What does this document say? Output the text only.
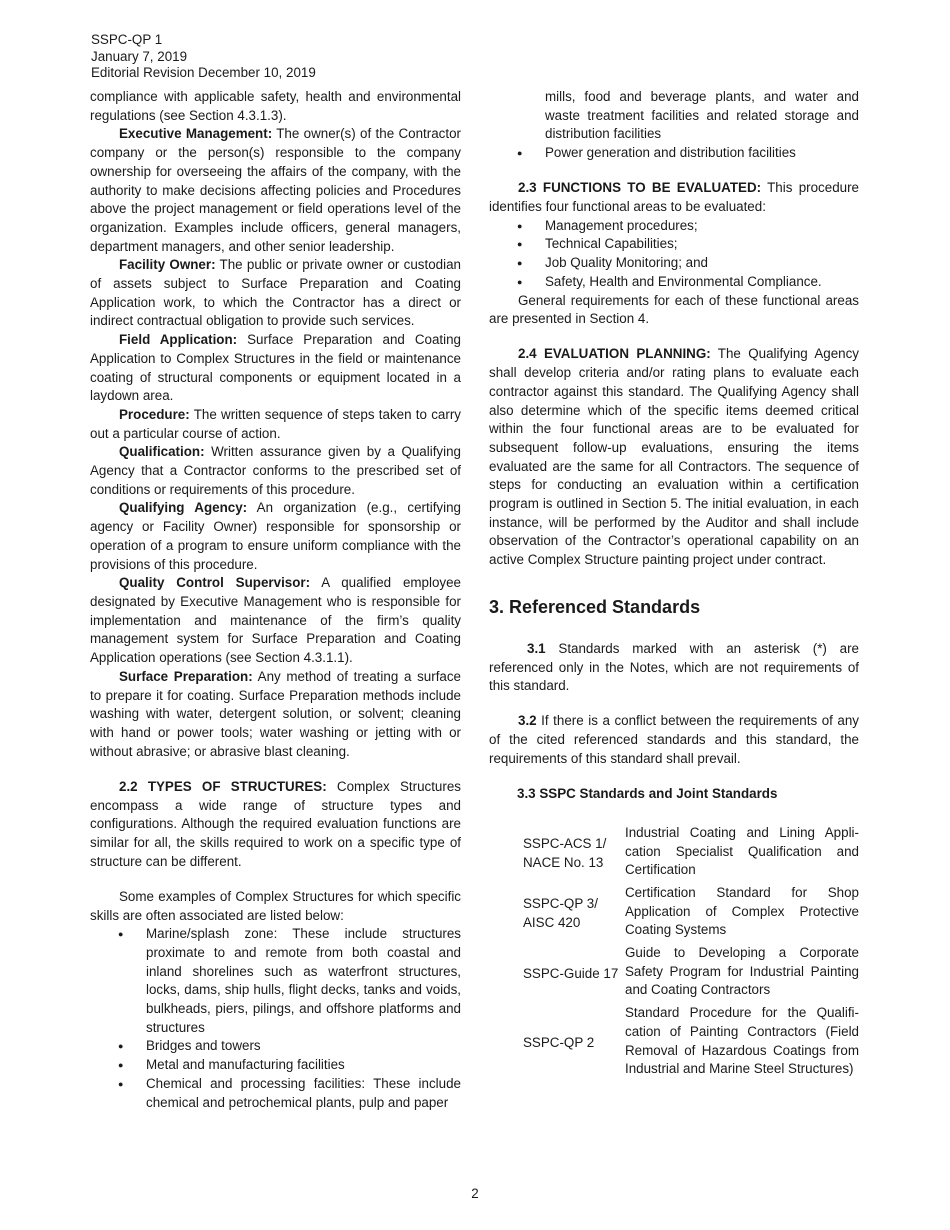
SSPC-QP 1
January 7, 2019
Editorial Revision December 10, 2019

compliance with applicable safety, health and environmental regulations (see Section 4.3.1.3).

Executive Management: The owner(s) of the Contractor company or the person(s) responsible to the company ownership for overseeing the affairs of the company, with the authority to make decisions affecting policies and Procedures above the project management or field operations level of the organization. Examples include officers, general managers, department managers, and other senior leadership.

Facility Owner: The public or private owner or custodian of assets subject to Surface Preparation and Coating Application work, to which the Contractor has a direct or indirect contractual obligation to provide such services.

Field Application: Surface Preparation and Coating Application to Complex Structures in the field or maintenance coating of structural components or equipment located in a laydown area.

Procedure: The written sequence of steps taken to carry out a particular course of action.

Qualification: Written assurance given by a Qualifying Agency that a Contractor conforms to the prescribed set of conditions or requirements of this procedure.

Qualifying Agency: An organization (e.g., certifying agency or Facility Owner) responsible for sponsorship or operation of a program to ensure uniform compliance with the provisions of this procedure.

Quality Control Supervisor: A qualified employee designated by Executive Management who is responsible for implementation and maintenance of the firm’s quality management system for Surface Preparation and Coating Application operations (see Section 4.3.1.1).

Surface Preparation: Any method of treating a surface to prepare it for coating. Surface Preparation methods include washing with water, detergent solution, or solvent; cleaning with hand or power tools; water washing or jetting with or without abrasive; or abrasive blast cleaning.

2.2 TYPES OF STRUCTURES: Complex Structures encompass a wide range of structure types and configurations. Although the required evaluation functions are similar for all, the skills required to work on a specific type of structure can be different.

Some examples of Complex Structures for which specific skills are often associated are listed below:

● Marine/splash zone: These include structures proximate to and remote from both coastal and inland shorelines such as waterfront structures, locks, dams, ship hulls, flight decks, tanks and voids, bulkheads, piers, pilings, and offshore platforms and structures
● Bridges and towers
● Metal and manufacturing facilities
● Chemical and processing facilities: These include chemical and petrochemical plants, pulp and paper
mills, food and beverage plants, and water and waste treatment facilities and related storage and distribution facilities
● Power generation and distribution facilities

2.3 FUNCTIONS TO BE EVALUATED: This procedure identifies four functional areas to be evaluated:

● Management procedures;
● Technical Capabilities;
● Job Quality Monitoring; and
● Safety, Health and Environmental Compliance.

General requirements for each of these functional areas are presented in Section 4.

2.4 EVALUATION PLANNING: The Qualifying Agency shall develop criteria and/or rating plans to evaluate each contractor against this standard. The Qualifying Agency shall also determine which of the specific items deemed critical within the four functional areas are to be evaluated for subsequent follow-up evaluations, ensuring the items evaluated are the same for all Contractors. The sequence of steps for conducting an evaluation within a certification program is outlined in Section 5. The initial evaluation, in each instance, will be performed by the Auditor and shall include observation of the Contractor’s operational capability on an active Complex Structure painting project under contract.

3. Referenced Standards

3.1 Standards marked with an asterisk (*) are referenced only in the Notes, which are not requirements of this standard.

3.2 If there is a conflict between the requirements of any of the cited referenced standards and this standard, the requirements of this standard shall prevail.

3.3 SSPC Standards and Joint Standards
SSPC-ACS 1/ NACE No. 13	Industrial Coating and Lining Application Specialist Qualification and Certification
SSPC-QP 3/ AISC 420	Certification Standard for Shop Application of Complex Protective Coating Systems
SSPC-Guide 17	Guide to Developing a Corporate Safety Program for Industrial Painting and Coating Contractors
SSPC-QP 2	Standard Procedure for the Qualification of Painting Contractors (Field Removal of Hazardous Coatings from Industrial and Marine Steel Structures)
2
